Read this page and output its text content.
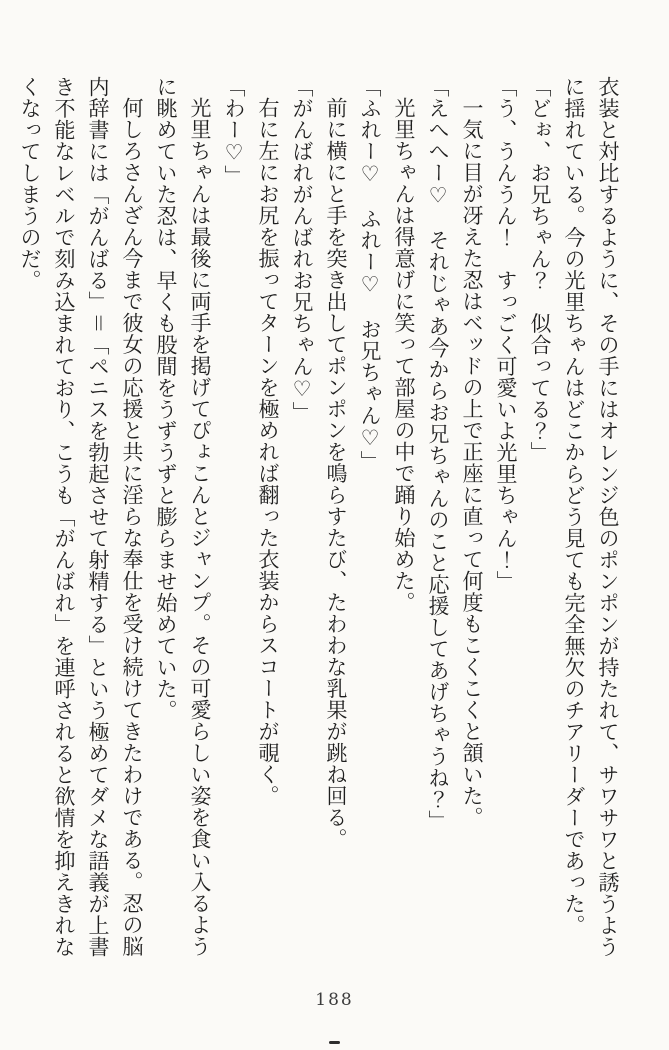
衣装と対比するように、その手にはオレンジ色のポンポンが持たれて、サワサワと誘うように揺れている。今の光里ちゃんはどこからどう見ても完全無欠のチアリーダーであった。

「どぉ、お兄ちゃん？　似合ってる？」

「う、うんうん！　すっごく可愛いよ光里ちゃん！」

一気に目が冴えた忍はベッドの上で正座に直って何度もこくこくと頷いた。

「えへへー♡　それじゃあ今からお兄ちゃんのこと応援してあげちゃうね？」

光里ちゃんは得意げに笑って部屋の中で踊り始めた。

「ふれー♡　ふれー♡　お兄ちゃん♡」

前に横にと手を突き出してポンポンを鳴らすたび、たわわな乳果が跳ね回る。

「がんばれがんばれお兄ちゃん♡」

右に左にお尻を振ってターンを極めれば翻った衣装からスコートが覗く。

「わー♡」

光里ちゃんは最後に両手を掲げてぴょこんとジャンプ。その可愛らしい姿を食い入るように眺めていた忍は、早くも股間をうずうずと膨らませ始めていた。

何しろさんざん今まで彼女の応援と共に淫らな奉仕を受け続けてきたわけである。忍の脳内辞書には「がんばる」＝「ペニスを勃起させて射精する」という極めてダメな語義が上書き不能なレベルで刻み込まれており、こうも「がんばれ」を連呼されると欲情を抑えきれなくなってしまうのだ。

188
